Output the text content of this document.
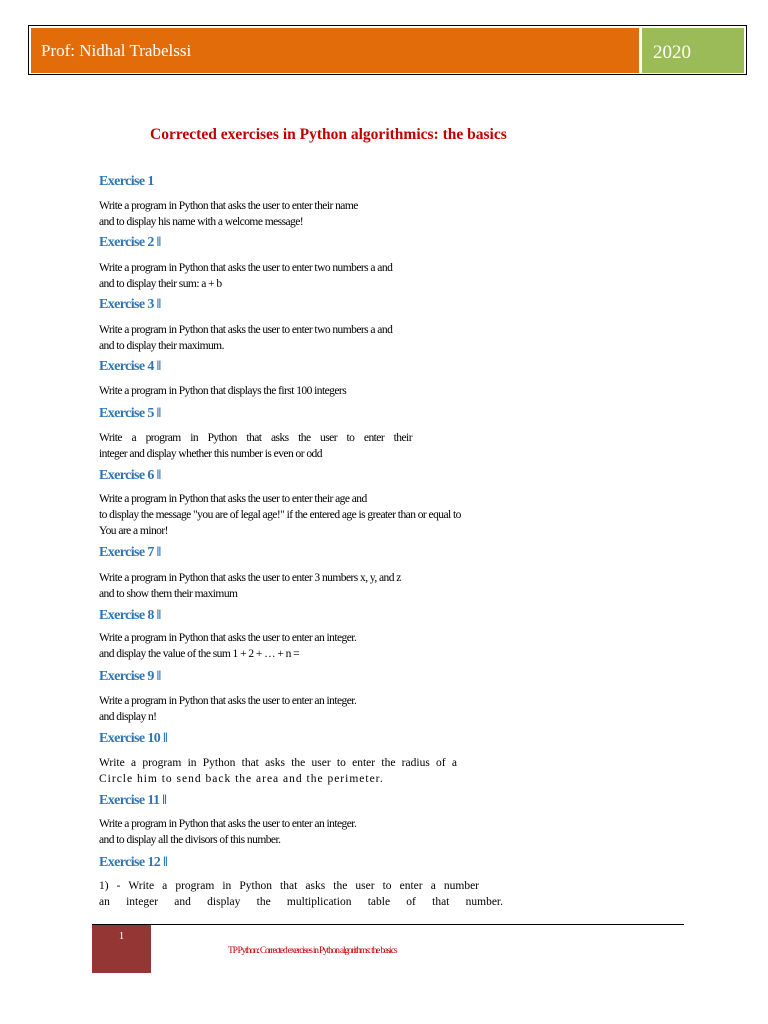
Prof: Nidhal Trabelssi	2020
Corrected exercises in Python algorithmics: the basics
Exercise 1
Write a program in Python that asks the user to enter their name
and to display his name with a welcome message!
Exercise 2 ‖
Write a program in Python that asks the user to enter two numbers a and
and to display their sum: a + b
Exercise 3 ‖
Write a program in Python that asks the user to enter two numbers a and
and to display their maximum.
Exercise 4 ‖
Write a program in Python that displays the first 100 integers
Exercise 5 ‖
Write a program in Python that asks the user to enter their
integer and display whether this number is even or odd
Exercise 6 ‖
Write a program in Python that asks the user to enter their age and
to display the message "you are of legal age!" if the entered age is greater than or equal to
You are a minor!
Exercise 7 ‖
Write a program in Python that asks the user to enter 3 numbers x, y, and z
and to show them their maximum
Exercise 8 ‖
Write a program in Python that asks the user to enter an integer.
and display the value of the sum 1 + 2 + … + n =
Exercise 9 ‖
Write a program in Python that asks the user to enter an integer.
and display n!
Exercise 10 ‖
Write a program in Python that asks the user to enter the radius of a
Circle him to send back the area and the perimeter.
Exercise 11 ‖
Write a program in Python that asks the user to enter an integer.
and to display all the divisors of this number.
Exercise 12 ‖
1) - Write a program in Python that asks the user to enter a number
an integer and display the multiplication table of that number.
1
TP Python: Corrected exercises in Python algorithms: the basics
